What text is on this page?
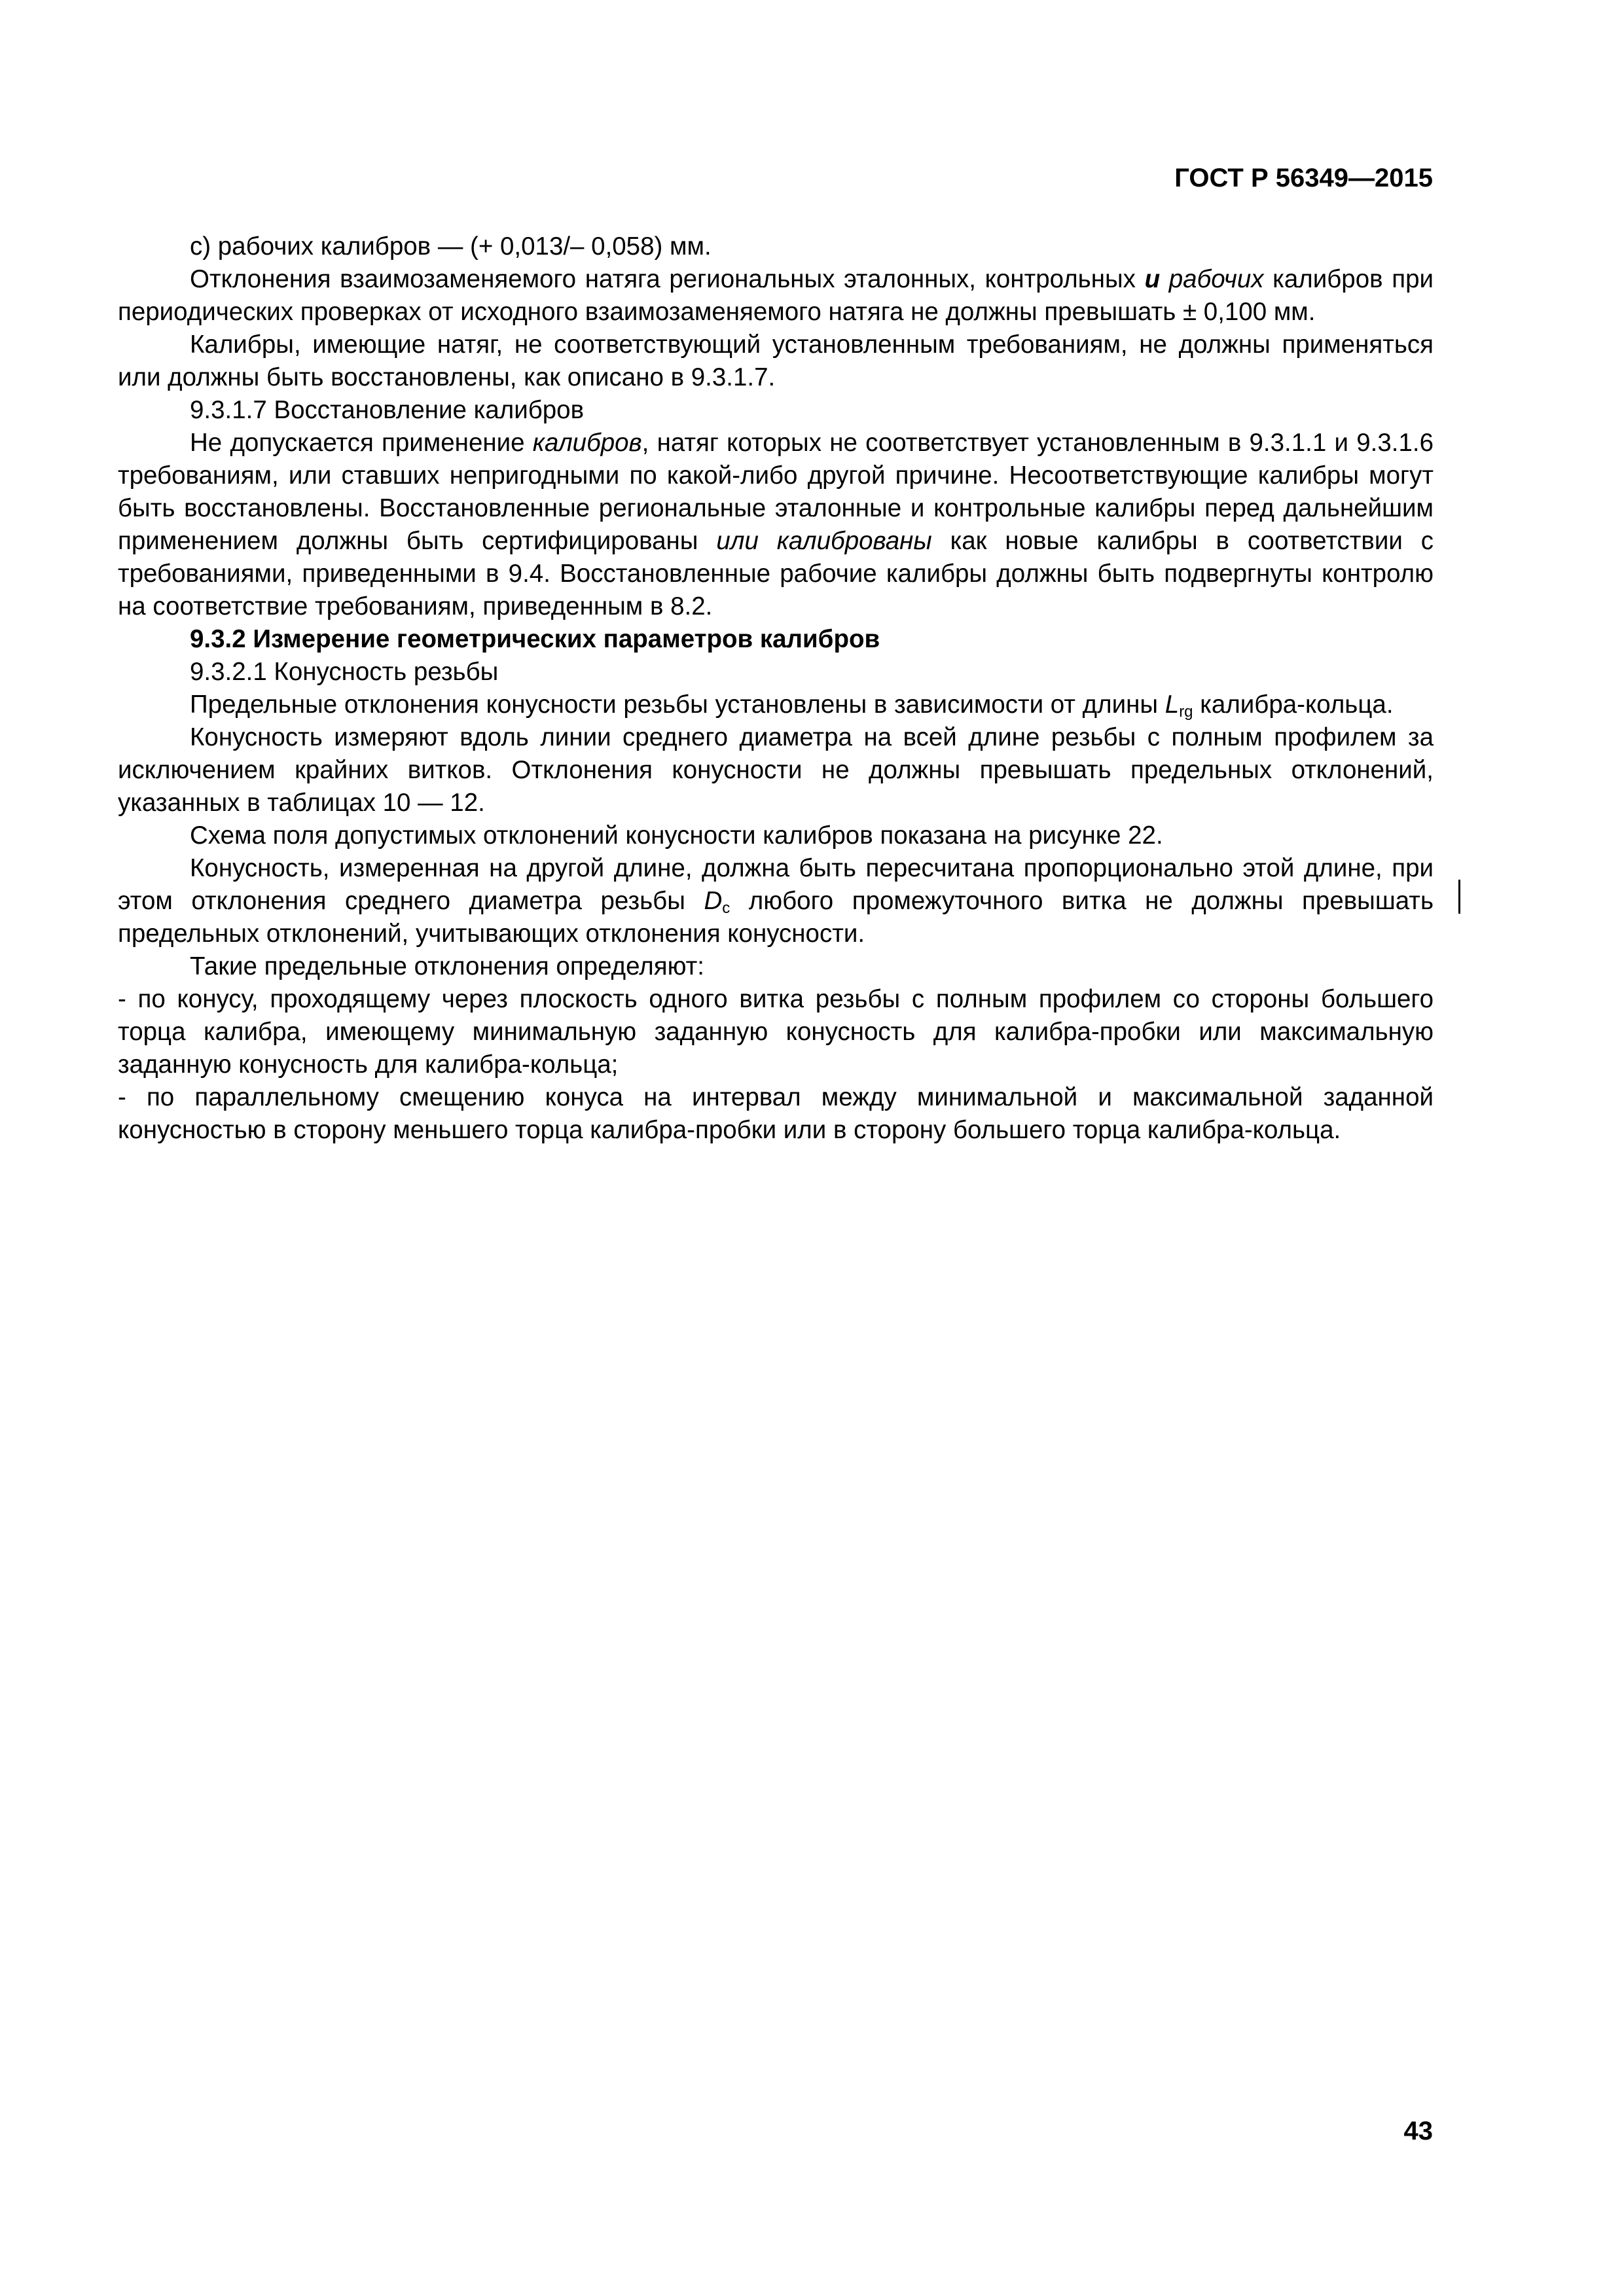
ГОСТ Р 56349—2015

с) рабочих калибров — (+ 0,013/– 0,058) мм.

Отклонения взаимозаменяемого натяга региональных эталонных, контрольных и рабочих калибров при периодических проверках от исходного взаимозаменяемого натяга не должны превышать ± 0,100 мм.

Калибры, имеющие натяг, не соответствующий установленным требованиям, не должны применяться или должны быть восстановлены, как описано в 9.3.1.7.

9.3.1.7 Восстановление калибров

Не допускается применение калибров, натяг которых не соответствует установленным в 9.3.1.1 и 9.3.1.6 требованиям, или ставших непригодными по какой-либо другой причине. Несоответствующие калибры могут быть восстановлены. Восстановленные региональные эталонные и контрольные калибры перед дальнейшим применением должны быть сертифицированы или калиброваны как новые калибры в соответствии с требованиями, приведенными в 9.4. Восстановленные рабочие калибры должны быть подвергнуты контролю на соответствие требованиям, приведенным в 8.2.

9.3.2 Измерение геометрических параметров калибров

9.3.2.1 Конусность резьбы

Предельные отклонения конусности резьбы установлены в зависимости от длины $L_{rg}$ калибра-кольца.

Конусность измеряют вдоль линии среднего диаметра на всей длине резьбы с полным профилем за исключением крайних витков. Отклонения конусности не должны превышать предельных отклонений, указанных в таблицах 10 — 12.

Схема поля допустимых отклонений конусности калибров показана на рисунке 22.

Конусность, измеренная на другой длине, должна быть пересчитана пропорционально этой длине, при этом отклонения среднего диаметра резьбы $D_c$ любого промежуточного витка не должны превышать предельных отклонений, учитывающих отклонения конусности.

Такие предельные отклонения определяют:

- по конусу, проходящему через плоскость одного витка резьбы с полным профилем со стороны большего торца калибра, имеющему минимальную заданную конусность для калибра-пробки или максимальную заданную конусность для калибра-кольца;

- по параллельному смещению конуса на интервал между минимальной и максимальной заданной конусностью в сторону меньшего торца калибра-пробки или в сторону большего торца калибра-кольца.

43
